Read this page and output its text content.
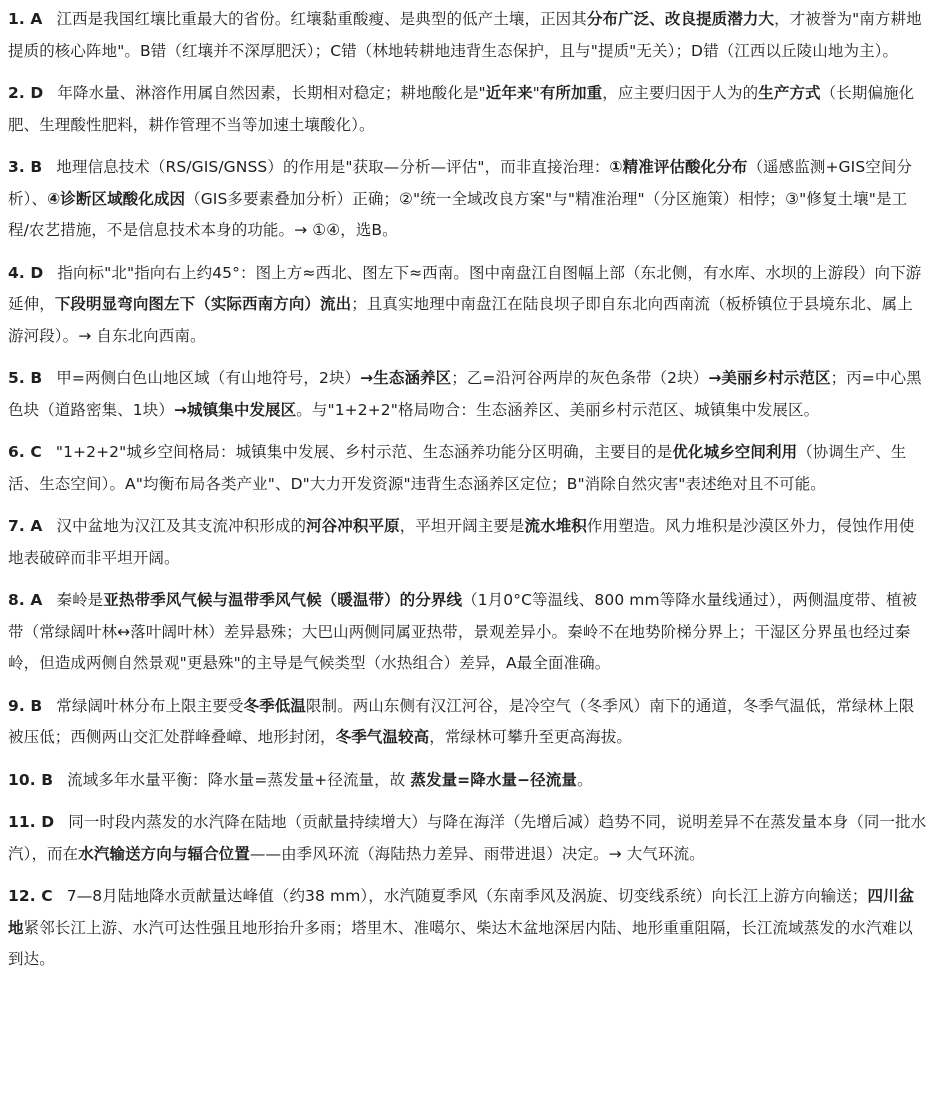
1. A 江西是我国红壤比重最大的省份。红壤黏重酸瘦、是典型的低产土壤，正因其分布广泛、改良提质潜力大，才被誉为"南方耕地提质的核心阵地"。B错（红壤并不深厚肥沃）；C错（林地转耕地违背生态保护，且与"提质"无关）；D错（江西以丘陵山地为主）。

2. D 年降水量、淋溶作用属自然因素，长期相对稳定；耕地酸化是"近年来"有所加重，应主要归因于人为的生产方式（长期偏施化肥、生理酸性肥料，耕作管理不当等加速土壤酸化）。

3. B 地理信息技术（RS/GIS/GNSS）的作用是"获取—分析—评估"，而非直接治理：①精准评估酸化分布（遥感监测+GIS空间分析）、④诊断区域酸化成因（GIS多要素叠加分析）正确；②"统一全域改良方案"与"精准治理"（分区施策）相悖；③"修复土壤"是工程/农艺措施，不是信息技术本身的功能。→ ①④，选B。

4. D 指向标"北"指向右上约45°：图上方≈西北、图左下≈西南。图中南盘江自图幅上部（东北侧，有水库、水坝的上游段）向下游延伸，下段明显弯向图左下（实际西南方向）流出；且真实地理中南盘江在陆良坝子即自东北向西南流（板桥镇位于县境东北、属上游河段）。→ 自东北向西南。

5. B 甲=两侧白色山地区域（有山地符号，2块）→生态涵养区；乙=沿河谷两岸的灰色条带（2块）→美丽乡村示范区；丙=中心黑色块（道路密集、1块）→城镇集中发展区。与"1+2+2"格局吻合：生态涵养区、美丽乡村示范区、城镇集中发展区。

6. C "1+2+2"城乡空间格局：城镇集中发展、乡村示范、生态涵养功能分区明确，主要目的是优化城乡空间利用（协调生产、生活、生态空间）。A"均衡布局各类产业"、D"大力开发资源"违背生态涵养区定位；B"消除自然灾害"表述绝对且不可能。

7. A 汉中盆地为汉江及其支流冲积形成的河谷冲积平原，平坦开阔主要是流水堆积作用塑造。风力堆积是沙漠区外力，侵蚀作用使地表破碎而非平坦开阔。

8. A 秦岭是亚热带季风气候与温带季风气候（暖温带）的分界线（1月0°C等温线、800 mm等降水量线通过），两侧温度带、植被带（常绿阔叶林↔落叶阔叶林）差异悬殊；大巴山两侧同属亚热带，景观差异小。秦岭不在地势阶梯分界上；干湿区分界虽也经过秦岭，但造成两侧自然景观"更悬殊"的主导是气候类型（水热组合）差异，A最全面准确。

9. B 常绿阔叶林分布上限主要受冬季低温限制。两山东侧有汉江河谷，是冷空气（冬季风）南下的通道，冬季气温低，常绿林上限被压低；西侧两山交汇处群峰叠嶂、地形封闭，冬季气温较高，常绿林可攀升至更高海拔。

10. B 流域多年水量平衡：降水量=蒸发量+径流量，故 蒸发量=降水量−径流量。

11. D 同一时段内蒸发的水汽降在陆地（贡献量持续增大）与降在海洋（先增后减）趋势不同，说明差异不在蒸发量本身（同一批水汽），而在水汽输送方向与辐合位置——由季风环流（海陆热力差异、雨带进退）决定。→ 大气环流。

12. C 7—8月陆地降水贡献量达峰值（约38 mm），水汽随夏季风（东南季风及涡旋、切变线系统）向长江上游方向输送；四川盆地紧邻长江上游、水汽可达性强且地形抬升多雨；塔里木、准噶尔、柴达木盆地深居内陆、地形重重阻隔，长江流域蒸发的水汽难以到达。
